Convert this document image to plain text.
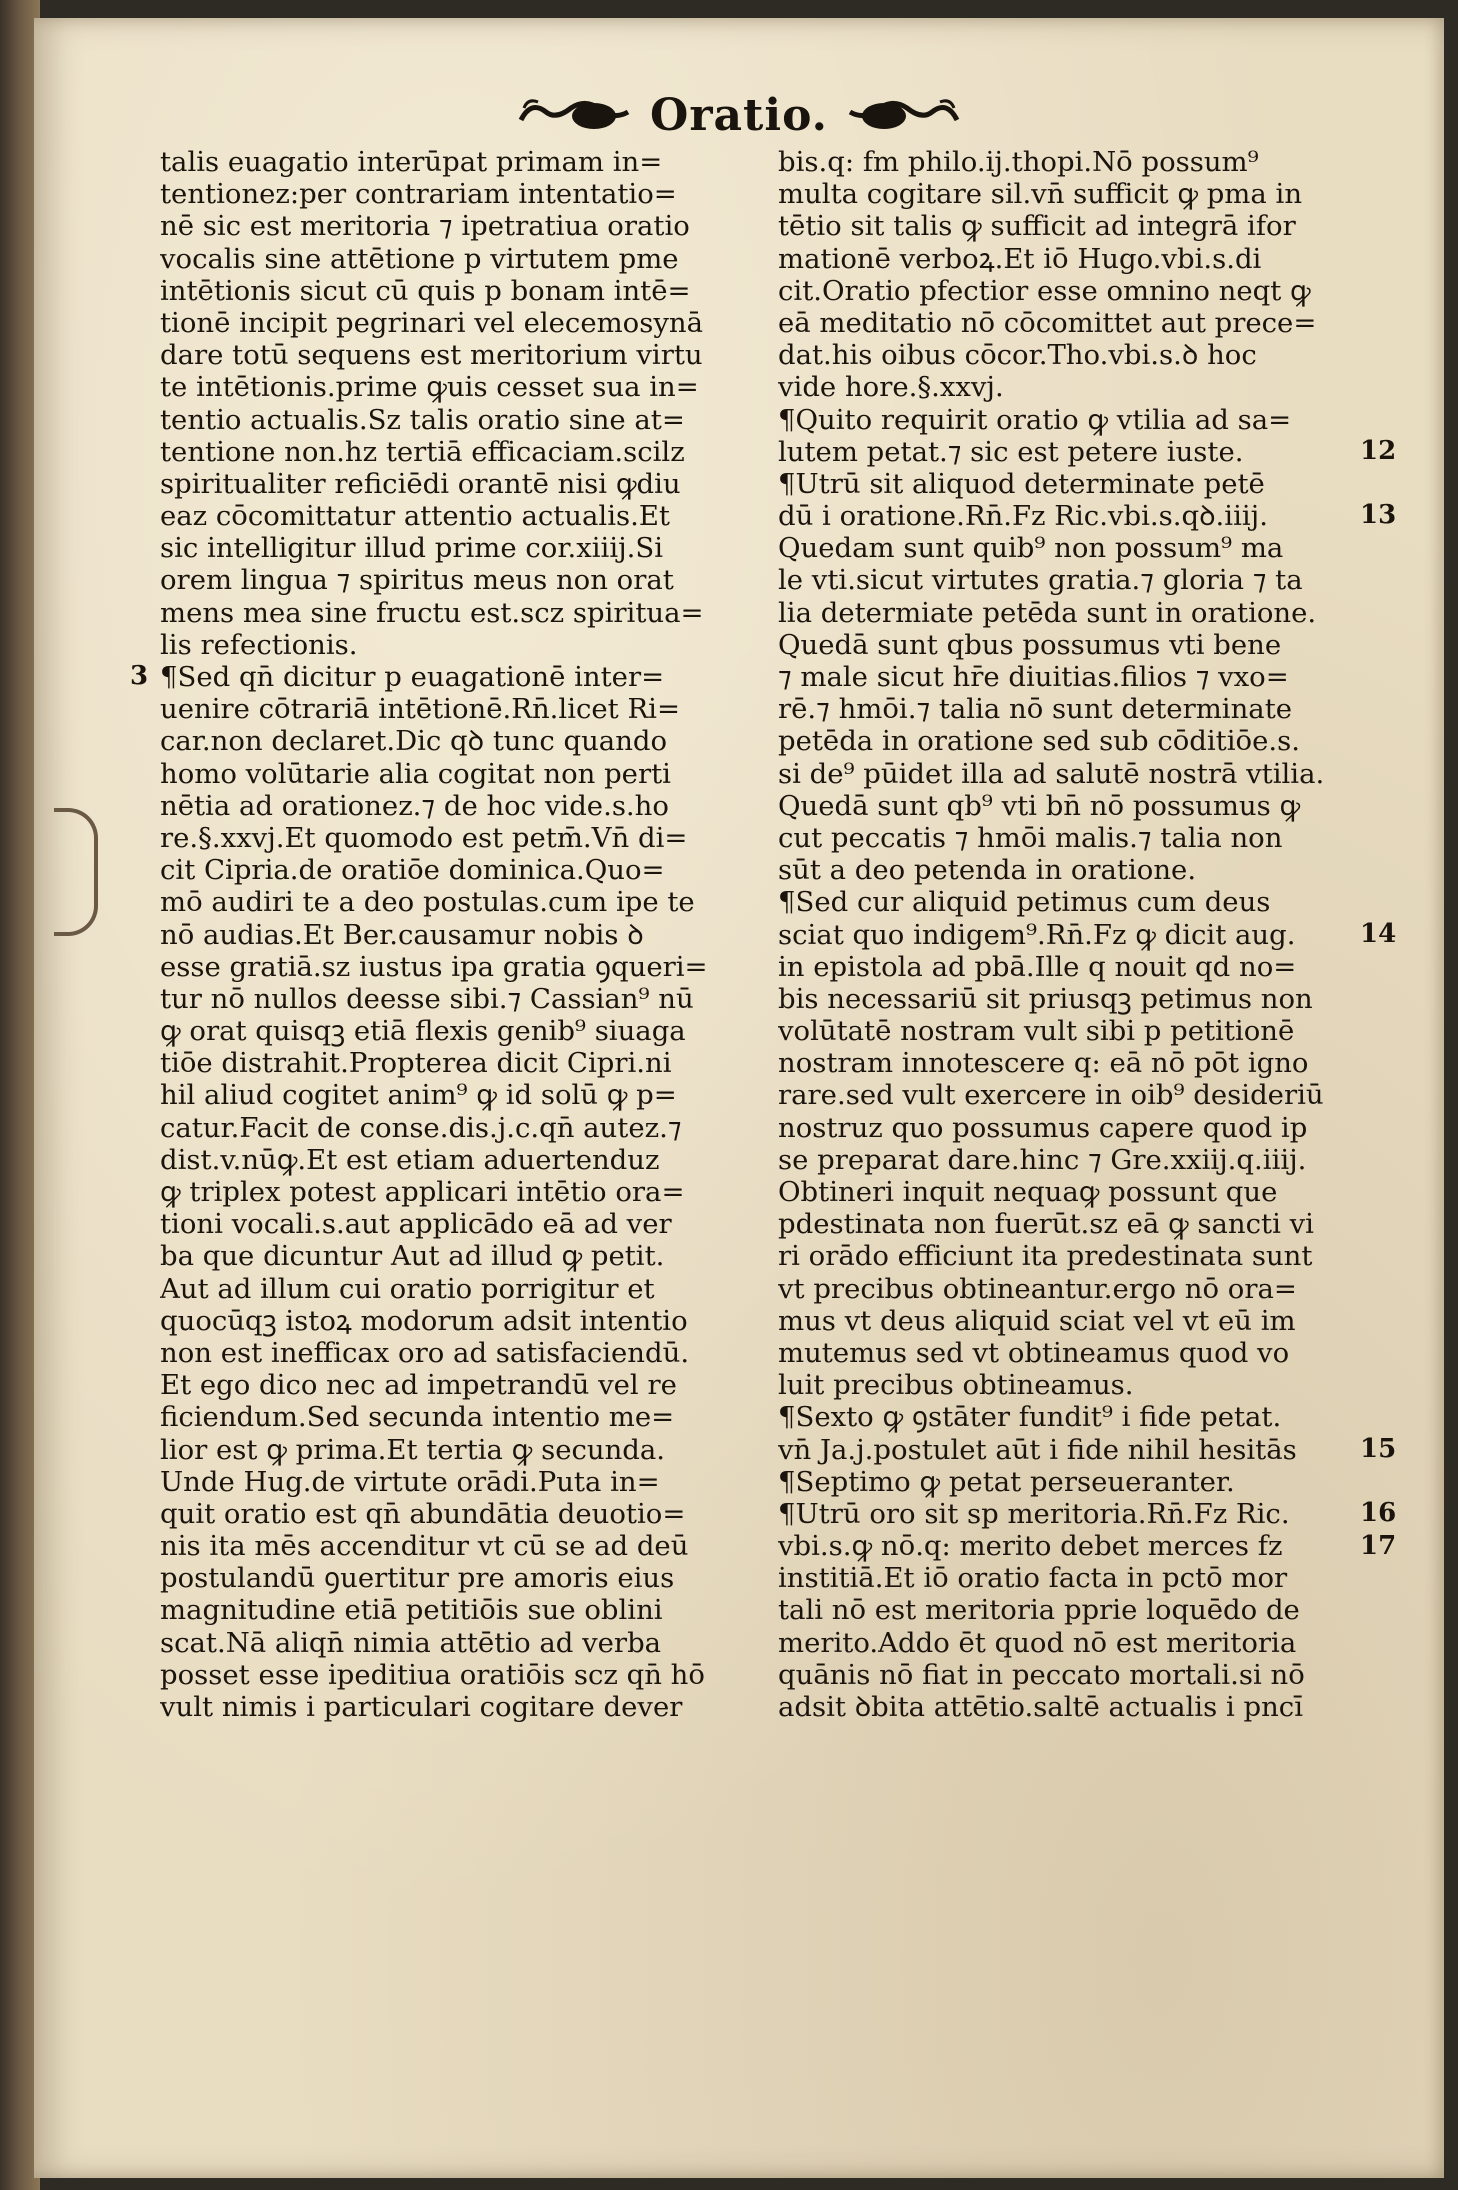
Oratio.
talis euagatio interūpat primam in=
tentionez:per contrariam intentatio=
nē sic est meritoria ⁊ ipetratiua oratio
vocalis sine attētione p virtutem pme
intētionis sicut cū quis p bonam intē=
tionē incipit pegrinari vel elecemosynā
dare totū sequens est meritorium virtu
te intētionis.prime ꝙuis cesset sua in=
tentio actualis.Sz talis oratio sine at=
tentione non.hz tertiā efficaciam.scilz
spiritualiter reficiēdi orantē nisi ꝙdiu
eaz cōcomittatur attentio actualis.Et
sic intelligitur illud prime cor.xiiij.Si
orem lingua ⁊ spiritus meus non orat
mens mea sine fructu est.scz spiritua=
lis refectionis.
¶Sed qn̄ dicitur p euagationē inter=
uenire cōtrariā intētionē.Rn̄.licet Ri=
car.non declaret.Dic qꝺ tunc quando
homo volūtarie alia cogitat non perti
nētia ad orationez.⁊ de hoc vide.s.ho
re.§.xxvj.Et quomodo est petm̄.Vn̄ di=
cit Cipria.de oratiōe dominica.Quo=
mō audiri te a deo postulas.cum ipe te
nō audias.Et Ber.causamur nobis ꝺ
esse gratiā.sz iustus ipa gratia ꝯqueri=
tur nō nullos deesse sibi.⁊ Cassian⁹ nū
ꝙ orat quisqꝫ etiā flexis genib⁹ siuaga
tiōe distrahit.Propterea dicit Cipri.ni
hil aliud cogitet anim⁹ ꝙ id solū ꝙ p=
catur.Facit de conse.dis.j.c.qn̄ autez.⁊
dist.v.nūꝙ.Et est etiam aduertenduz
ꝙ triplex potest applicari intētio ora=
tioni vocali.s.aut applicādo eā ad ver
ba que dicuntur Aut ad illud ꝙ petit.
Aut ad illum cui oratio porrigitur et
quocūqꝫ istoꝝ modorum adsit intentio
non est inefficax oro ad satisfaciendū.
Et ego dico nec ad impetrandū vel re
ficiendum.Sed secunda intentio me=
lior est ꝙ prima.Et tertia ꝙ secunda.
Unde Hug.de virtute orādi.Puta in=
quit oratio est qn̄ abundātia deuotio=
nis ita mēs accenditur vt cū se ad deū
postulandū ꝯuertitur pre amoris eius
magnitudine etiā petitiōis sue oblini
scat.Nā aliqn̄ nimia attētio ad verba
posset esse ipeditiua oratiōis scz qn̄ hō
vult nimis i particulari cogitare dever
bis.q: fm philo.ij.thopi.Nō possum⁹
multa cogitare sil.vn̄ sufficit ꝙ pma in
tētio sit talis ꝙ sufficit ad integrā ifor
mationē verboꝝ.Et iō Hugo.vbi.s.di
cit.Oratio pfectior esse omnino neqt ꝙ
eā meditatio nō cōcomittet aut prece=
dat.his oibus cōcor.Tho.vbi.s.ꝺ hoc
vide hore.§.xxvj.
¶Quito requirit oratio ꝙ vtilia ad sa=
lutem petat.⁊ sic est petere iuste.
¶Utrū sit aliquod determinate petē
dū i oratione.Rn̄.Fz Ric.vbi.s.qꝺ.iiij.
Quedam sunt quib⁹ non possum⁹ ma
le vti.sicut virtutes gratia.⁊ gloria ⁊ ta
lia determiate petēda sunt in oratione.
Quedā sunt qbus possumus vti bene
⁊ male sicut hr̄e diuitias.filios ⁊ vxo=
rē.⁊ hmōi.⁊ talia nō sunt determinate
petēda in oratione sed sub cōditiōe.s.
si de⁹ pūidet illa ad salutē nostrā vtilia.
Quedā sunt qb⁹ vti bn̄ nō possumus ꝙ
cut peccatis ⁊ hmōi malis.⁊ talia non
sūt a deo petenda in oratione.
¶Sed cur aliquid petimus cum deus
sciat quo indigem⁹.Rn̄.Fz ꝙ dicit aug.
in epistola ad pbā.Ille q nouit qd no=
bis necessariū sit priusqꝫ petimus non
volūtatē nostram vult sibi p petitionē
nostram innotescere q: eā nō pōt igno
rare.sed vult exercere in oib⁹ desideriū
nostruz quo possumus capere quod ip
se preparat dare.hinc ⁊ Gre.xxiij.q.iiij.
Obtineri inquit nequaꝙ possunt que
pdestinata non fuerūt.sz eā ꝙ sancti vi
ri orādo efficiunt ita predestinata sunt
vt precibus obtineantur.ergo nō ora=
mus vt deus aliquid sciat vel vt eū im
mutemus sed vt obtineamus quod vo
luit precibus obtineamus.
¶Sexto ꝙ ꝯstāter fundit⁹ i fide petat.
vn̄ Ja.j.postulet aūt i fide nihil hesitās
¶Septimo ꝙ petat perseueranter.
¶Utrū oro sit sp meritoria.Rn̄.Fz Ric.
vbi.s.ꝙ nō.q: merito debet merces fz
institiā.Et iō oratio facta in pctō mor
tali nō est meritoria pprie loquēdo de
merito.Addo ēt quod nō est meritoria
quānis nō fiat in peccato mortali.si nō
adsit ꝺbita attētio.saltē actualis i pncī
12
13
14
15
16
17
3
